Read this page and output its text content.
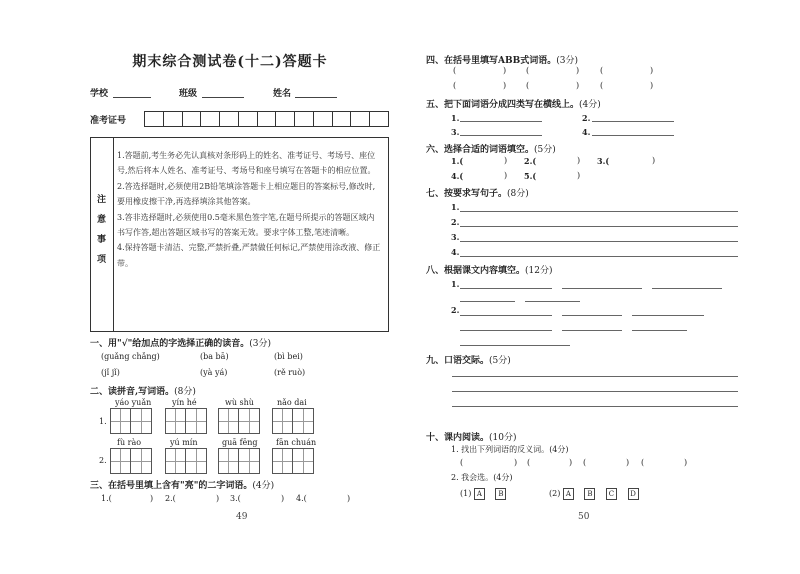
期末综合测试卷(十二)答题卡
学校	班级	姓名
准考证号
注
意
事
项

1.答题前,考生务必先认真核对条形码上的姓名、准考证号、考场号、座位号,然后将本人姓名、准考证号、考场号和座号填写在答题卡的相应位置。

2.答选择题时,必须使用2B铅笔填涂答题卡上相应题目的答案标号,修改时,要用橡皮擦干净,再选择填涂其他答案。

3.答非选择题时,必须使用0.5毫米黑色签字笔,在题号所提示的答题区域内书写作答,超出答题区域书写的答案无效。要求字体工整,笔迹清晰。

4.保持答题卡清洁、完整,严禁折叠,严禁做任何标记,严禁使用涂改液、修正带。

一、用"√"给加点的字选择正确的读音。(3分)
(guǎng chǎng)	(ba bā)	(bì bei)
(jǐ jǐ)	(yà yá)	(rě ruò)
二、读拼音,写词语。(8分)
yáo yuǎn	yín hé	wù shù	nǎo dai
1.
fù rào	yú mín	guā fēng fān chuán
2.
三、在括号里填上含有"亮"的二字词语。(4分)
1.(	) 2.(	) 3.(	) 4.(	)
49
四、在括号里填写ABB式词语。(3分)
(	) (	)	(	)
(	) (	)	(	)
五、把下面词语分成四类写在横线上。(4分)
1.	2.
3.	4.
六、选择合适的词语填空。(5分)
1.(	) 2.(	) 3.(	)
4.(	) 5.(	)
七、按要求写句子。(8分)
1.
2.
3.
4.
八、根据课文内容填空。(12分)
1.
2.
九、口语交际。(5分)
十、课内阅读。(10分)
1. 找出下列词语的反义词。(4分)
(	) (	) (	) (	)
2. 我会选。(4分)
(1) A B	(2) A B C D
50
